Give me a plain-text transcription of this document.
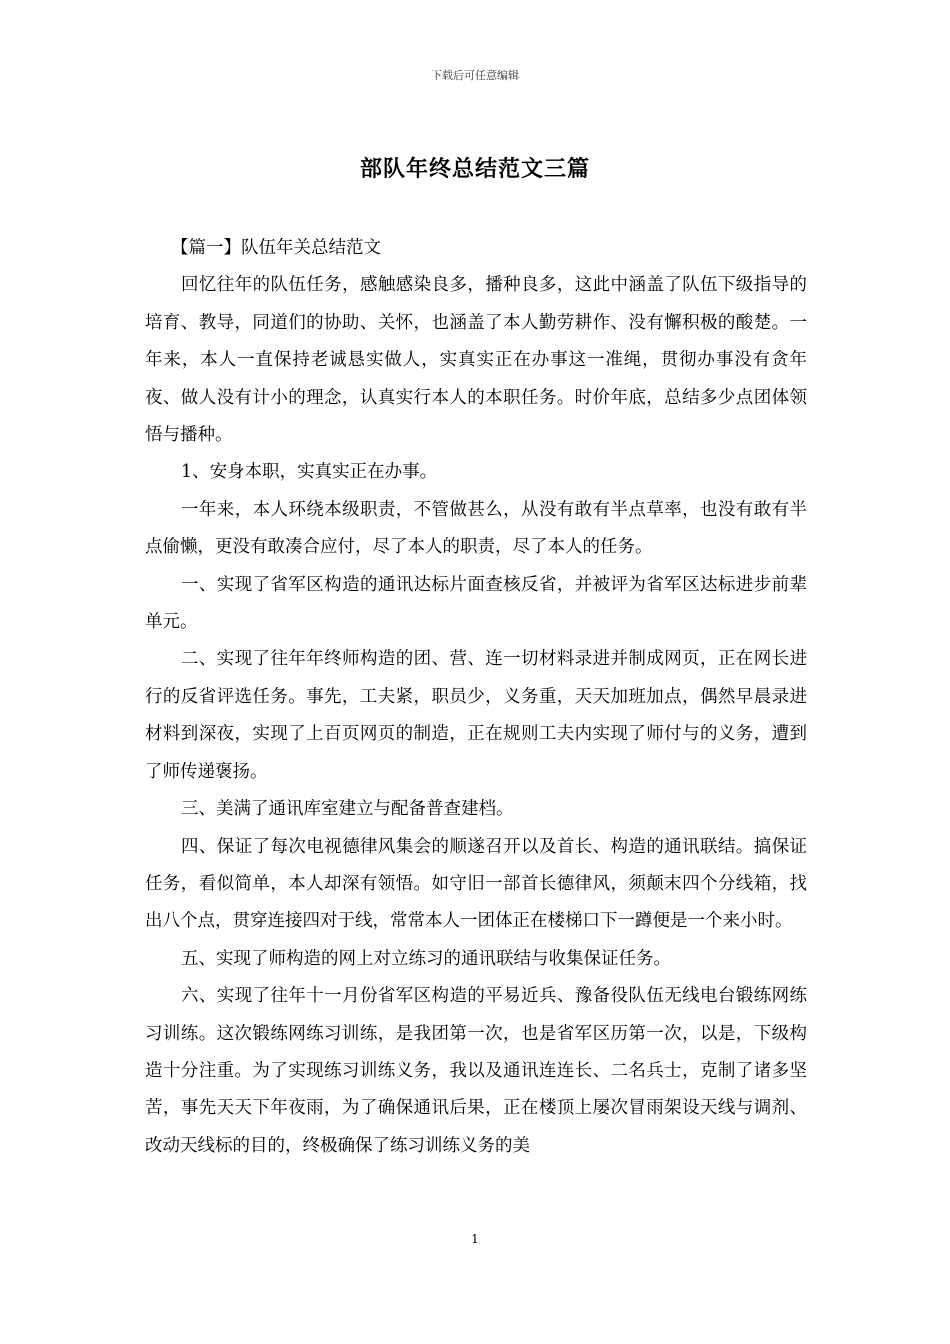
下载后可任意编辑
部队年终总结范文三篇

【篇一】队伍年关总结范文

回忆往年的队伍任务，感触感染良多，播种良多，这此中涵盖了队伍下级指导的培育、教导，同道们的协助、关怀，也涵盖了本人勤劳耕作、没有懈积极的酸楚。一年来，本人一直保持老诚恳实做人，实真实正在办事这一准绳，贯彻办事没有贪年夜、做人没有计小的理念，认真实行本人的本职任务。时价年底，总结多少点团体领悟与播种。

1、安身本职，实真实正在办事。

一年来，本人环绕本级职责，不管做甚么，从没有敢有半点草率，也没有敢有半点偷懒，更没有敢凑合应付，尽了本人的职责，尽了本人的任务。

一、实现了省军区构造的通讯达标片面查核反省，并被评为省军区达标进步前辈单元。

二、实现了往年年终师构造的团、营、连一切材料录进并制成网页，正在网长进行的反省评选任务。事先，工夫紧，职员少，义务重，天天加班加点，偶然早晨录进材料到深夜，实现了上百页网页的制造，正在规则工夫内实现了师付与的义务，遭到了师传递褒扬。

三、美满了通讯库室建立与配备普查建档。

四、保证了每次电视德律风集会的顺遂召开以及首长、构造的通讯联结。搞保证任务，看似简单，本人却深有领悟。如守旧一部首长德律风，须颠末四个分线箱，找出八个点，贯穿连接四对于线，常常本人一团体正在楼梯口下一蹲便是一个来小时。

五、实现了师构造的网上对立练习的通讯联结与收集保证任务。

六、实现了往年十一月份省军区构造的平易近兵、豫备役队伍无线电台锻练网练习训练。这次锻练网练习训练，是我团第一次，也是省军区历第一次，以是，下级构造十分注重。为了实现练习训练义务，我以及通讯连连长、二名兵士，克制了诸多坚苦，事先天天下年夜雨，为了确保通讯后果，正在楼顶上屡次冒雨架设天线与调剂、改动天线标的目的，终极确保了练习训练义务的美

1
